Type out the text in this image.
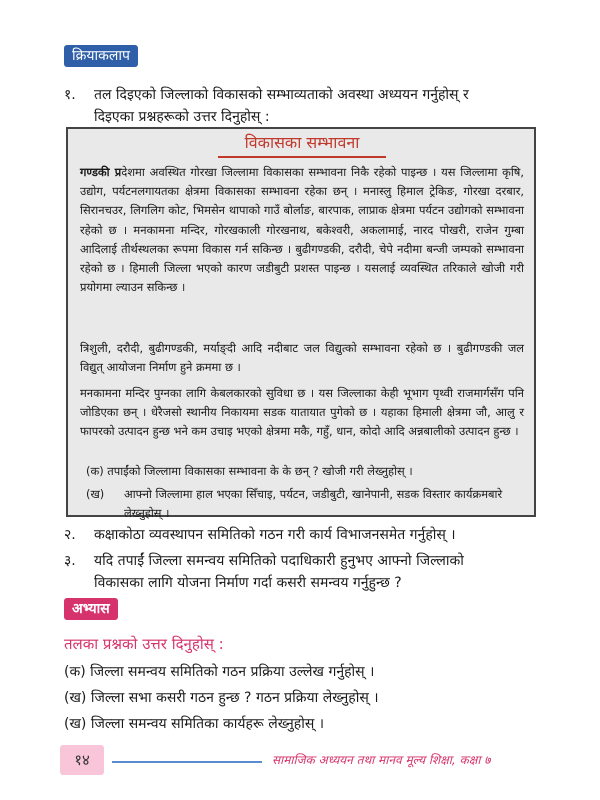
क्रियाकलाप
१. तल दिइएको जिल्लाको विकासको सम्भाव्यताको अवस्था अध्ययन गर्नुहोस् र
दिइएका प्रश्नहरूको उत्तर दिनुहोस् :
विकासका सम्भावना
गण्डकी प्रदेशमा अवस्थित गोरखा जिल्लामा विकासका सम्भावना निकै रहेको पाइन्छ । यस जिल्लामा कृषि, उद्योग, पर्यटनलगायतका क्षेत्रमा विकासका सम्भावना रहेका छन् । मनास्लु हिमाल ट्रेकिङ, गोरखा दरबार, सिरानचउर, लिगलिग कोट, भिमसेन थापाको गाउँ बोर्लाङ, बारपाक, लाप्राक क्षेत्रमा पर्यटन उद्योगको सम्भावना रहेको छ । मनकामना मन्दिर, गोरखकाली गोरखनाथ, बकेश्वरी, अकलामाई, नारद पोखरी, राजेन गुम्बा आदिलाई तीर्थस्थलका रूपमा विकास गर्न सकिन्छ । बुढीगण्डकी, दरौदी, चेपे नदीमा बन्जी जम्पको सम्भावना रहेको छ । हिमाली जिल्ला भएको कारण जडीबुटी प्रशस्त पाइन्छ । यसलाई व्यवस्थित तरिकाले खोजी गरी प्रयोगमा ल्याउन सकिन्छ ।
त्रिशुली, दरौदी, बुढीगण्डकी, मर्याङ्दी आदि नदीबाट जल विद्युत्को सम्भावना रहेको छ । बुढीगण्डकी जल विद्युत् आयोजना निर्माण हुने क्रममा छ ।
मनकामना मन्दिर पुग्नका लागि केबलकारको सुविधा छ । यस जिल्लाका केही भूभाग पृथ्वी राजमार्गसँग पनि जोडिएका छन् । धेरैजसो स्थानीय निकायमा सडक यातायात पुगेको छ । यहाका हिमाली क्षेत्रमा जौ, आलु र फापरको उत्पादन हुन्छ भने कम उचाइ भएको क्षेत्रमा मकै, गहुँ, धान, कोदो आदि अन्नबालीको उत्पादन हुन्छ ।
(क) तपाईंको जिल्लामा विकासका सम्भावना के के छन् ? खोजी गरी लेख्नुहोस् ।
(ख) आफ्नो जिल्लामा हाल भएका सिँचाइ, पर्यटन, जडीबुटी, खानेपानी, सडक विस्तार कार्यक्रमबारे लेख्नुहोस् ।
२. कक्षाकोठा व्यवस्थापन समितिको गठन गरी कार्य विभाजनसमेत गर्नुहोस् ।
३. यदि तपाईं जिल्ला समन्वय समितिको पदाधिकारी हुनुभए आफ्नो जिल्लाको
विकासका लागि योजना निर्माण गर्दा कसरी समन्वय गर्नुहुन्छ ?
अभ्यास
तलका प्रश्नको उत्तर दिनुहोस् :
(क) जिल्ला समन्वय समितिको गठन प्रक्रिया उल्लेख गर्नुहोस् ।
(ख) जिल्ला सभा कसरी गठन हुन्छ ? गठन प्रक्रिया लेख्नुहोस् ।
(ख) जिल्ला समन्वय समितिका कार्यहरू लेख्नुहोस् ।
१४	सामाजिक अध्ययन तथा मानव मूल्य शिक्षा, कक्षा ७
